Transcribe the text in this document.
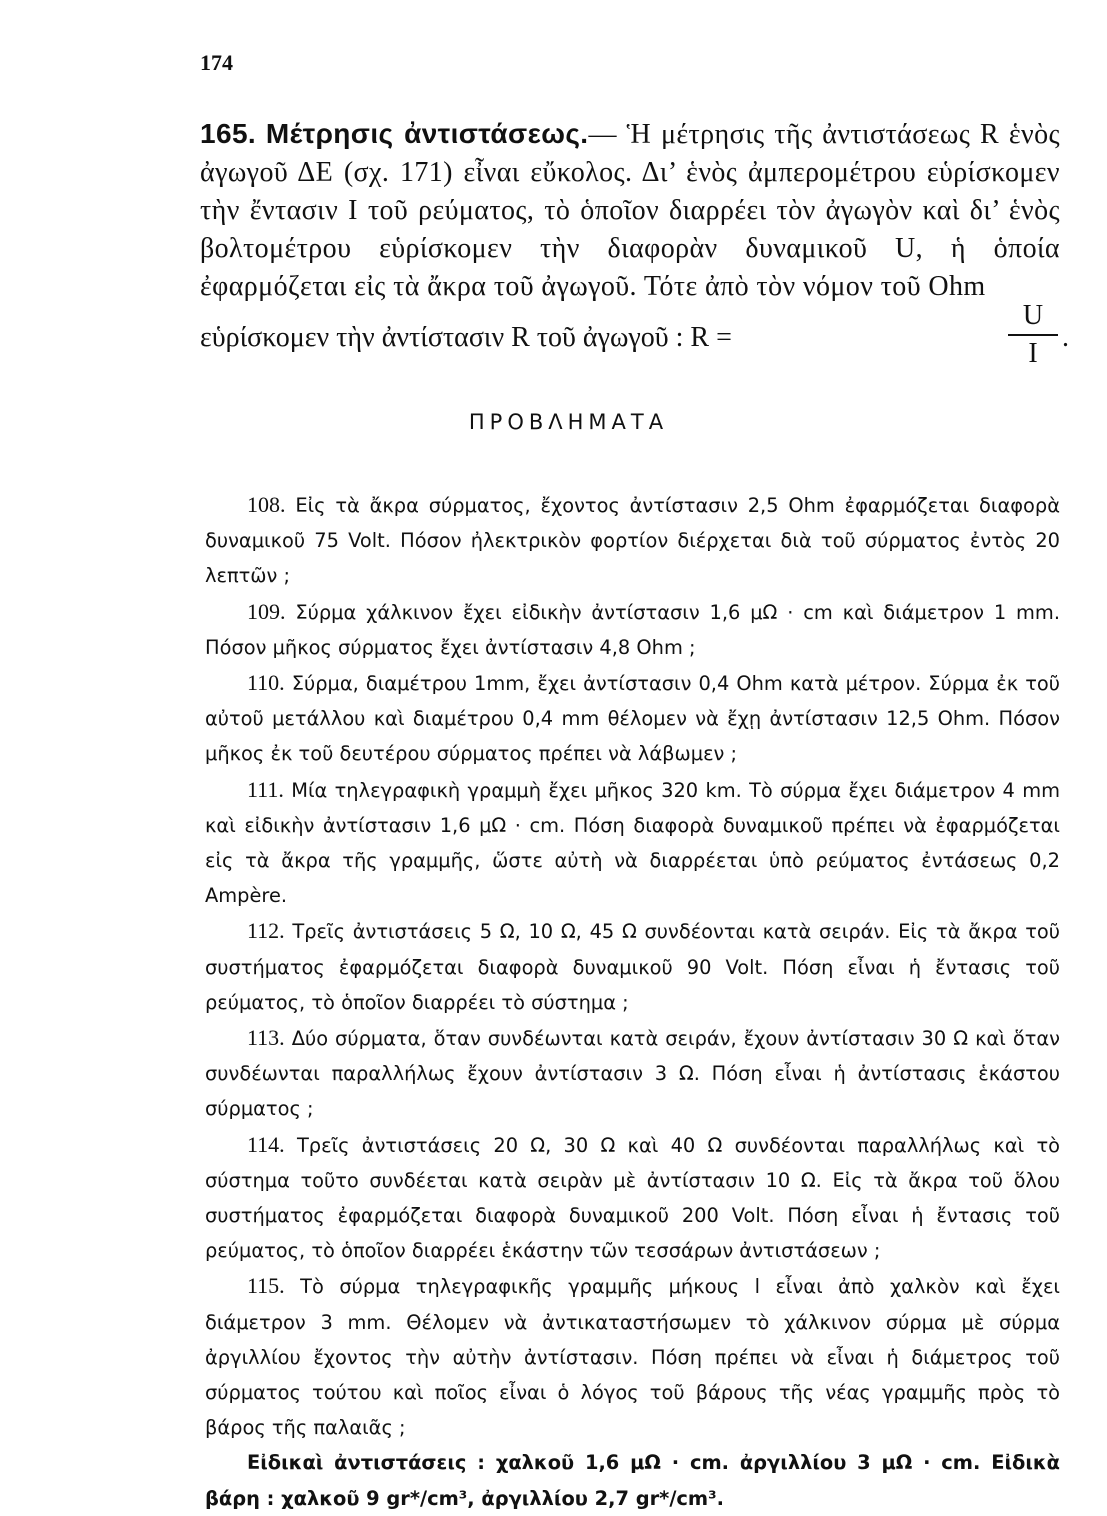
174

165. Μέτρησις ἀντιστάσεως.— Ἡ μέτρησις τῆς ἀντιστάσεως R ἑνὸς ἀγωγοῦ ΔΕ (σχ. 171) εἶναι εὔκολος. Δι’ ἑνὸς ἀμπερομέτρου εὑρίσκομεν τὴν ἔντασιν I τοῦ ρεύματος, τὸ ὁποῖον διαρρέει τὸν ἀγωγὸν καὶ δι’ ἑνὸς βολτομέτρου εὑρίσκομεν τὴν διαφορὰν δυναμικοῦ U, ἡ ὁποία ἐφαρμόζεται εἰς τὰ ἄκρα τοῦ ἀγωγοῦ. Τότε ἀπὸ τὸν νόμον τοῦ Ohm

εὑρίσκομεν τὴν ἀντίστασιν R τοῦ ἀγωγοῦ : R =
U
I
.
ΠΡΟΒΛΗΜΑΤΑ

108. Εἰς τὰ ἄκρα σύρματος, ἔχοντος ἀντίστασιν 2,5 Ohm ἐφαρμόζεται διαφορὰ δυναμικοῦ 75 Volt. Πόσον ἠλεκτρικὸν φορτίον διέρχεται διὰ τοῦ σύρματος ἐντὸς 20 λεπτῶν ;

109. Σύρμα χάλκινον ἔχει εἰδικὴν ἀντίστασιν 1,6 μΩ · cm καὶ διάμετρον 1 mm. Πόσον μῆκος σύρματος ἔχει ἀντίστασιν 4,8 Ohm ;

110. Σύρμα, διαμέτρου 1mm, ἔχει ἀντίστασιν 0,4 Ohm κατὰ μέτρον. Σύρμα ἐκ τοῦ αὐτοῦ μετάλλου καὶ διαμέτρου 0,4 mm θέλομεν νὰ ἔχῃ ἀντίστασιν 12,5 Ohm. Πόσον μῆκος ἐκ τοῦ δευτέρου σύρματος πρέπει νὰ λάβωμεν ;

111. Μία τηλεγραφικὴ γραμμὴ ἔχει μῆκος 320 km. Τὸ σύρμα ἔχει διάμετρον 4 mm καὶ εἰδικὴν ἀντίστασιν 1,6 μΩ · cm. Πόση διαφορὰ δυναμικοῦ πρέπει νὰ ἐφαρμόζεται εἰς τὰ ἄκρα τῆς γραμμῆς, ὥστε αὐτὴ νὰ διαρρέεται ὑπὸ ρεύματος ἐντάσεως 0,2 Ampère.

112. Τρεῖς ἀντιστάσεις 5 Ω, 10 Ω, 45 Ω συνδέονται κατὰ σειράν. Εἰς τὰ ἄκρα τοῦ συστήματος ἐφαρμόζεται διαφορὰ δυναμικοῦ 90 Volt. Πόση εἶναι ἡ ἔντασις τοῦ ρεύματος, τὸ ὁποῖον διαρρέει τὸ σύστημα ;

113. Δύο σύρματα, ὅταν συνδέωνται κατὰ σειράν, ἔχουν ἀντίστασιν 30 Ω καὶ ὅταν συνδέωνται παραλλήλως ἔχουν ἀντίστασιν 3 Ω. Πόση εἶναι ἡ ἀντίστασις ἑκάστου σύρματος ;

114. Τρεῖς ἀντιστάσεις 20 Ω, 30 Ω καὶ 40 Ω συνδέονται παραλλήλως καὶ τὸ σύστημα τοῦτο συνδέεται κατὰ σειρὰν μὲ ἀντίστασιν 10 Ω. Εἰς τὰ ἄκρα τοῦ ὅλου συστήματος ἐφαρμόζεται διαφορὰ δυναμικοῦ 200 Volt. Πόση εἶναι ἡ ἔντασις τοῦ ρεύματος, τὸ ὁποῖον διαρρέει ἑκάστην τῶν τεσσάρων ἀντιστάσεων ;

115. Τὸ σύρμα τηλεγραφικῆς γραμμῆς μήκους l εἶναι ἀπὸ χαλκὸν καὶ ἔχει διάμετρον 3 mm. Θέλομεν νὰ ἀντικαταστήσωμεν τὸ χάλκινον σύρμα μὲ σύρμα ἀργιλλίου ἔχοντος τὴν αὐτὴν ἀντίστασιν. Πόση πρέπει νὰ εἶναι ἡ διάμετρος τοῦ σύρματος τούτου καὶ ποῖος εἶναι ὁ λόγος τοῦ βάρους τῆς νέας γραμμῆς πρὸς τὸ βάρος τῆς παλαιᾶς ;

Εἰδικαὶ ἀντιστάσεις : χαλκοῦ 1,6 μΩ · cm. ἀργιλλίου 3 μΩ · cm. Εἰδικὰ βάρη : χαλκοῦ 9 gr*/cm³, ἀργιλλίου 2,7 gr*/cm³.
